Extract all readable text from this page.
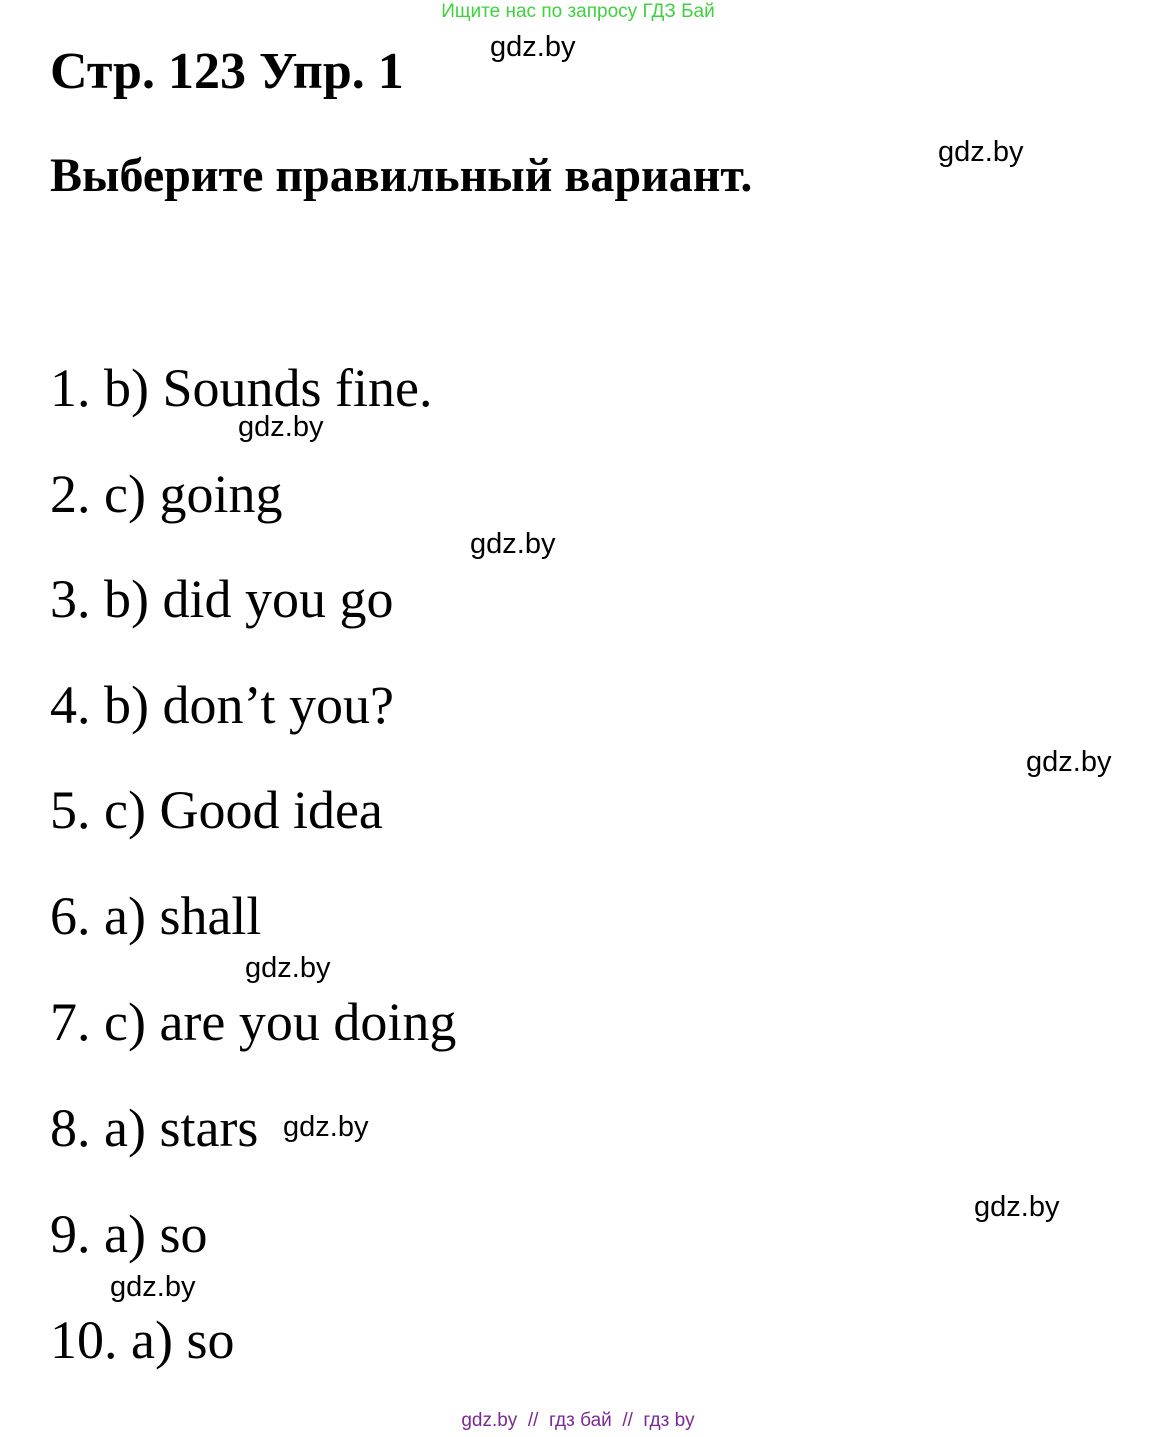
Ищите нас по запросу ГДЗ Бай
Стр. 123 Упр. 1
Выберите правильный вариант.
1. b) Sounds fine.
2. c) going
3. b) did you go
4. b) don’t you?
5. c) Good idea
6. a) shall
7. c) are you doing
8. a) stars
9. a) so
10. a) so
gdz.by
gdz.by
gdz.by
gdz.by
gdz.by
gdz.by
gdz.by
gdz.by
gdz.by
gdz.by  //  гдз бай  //  гдз by
